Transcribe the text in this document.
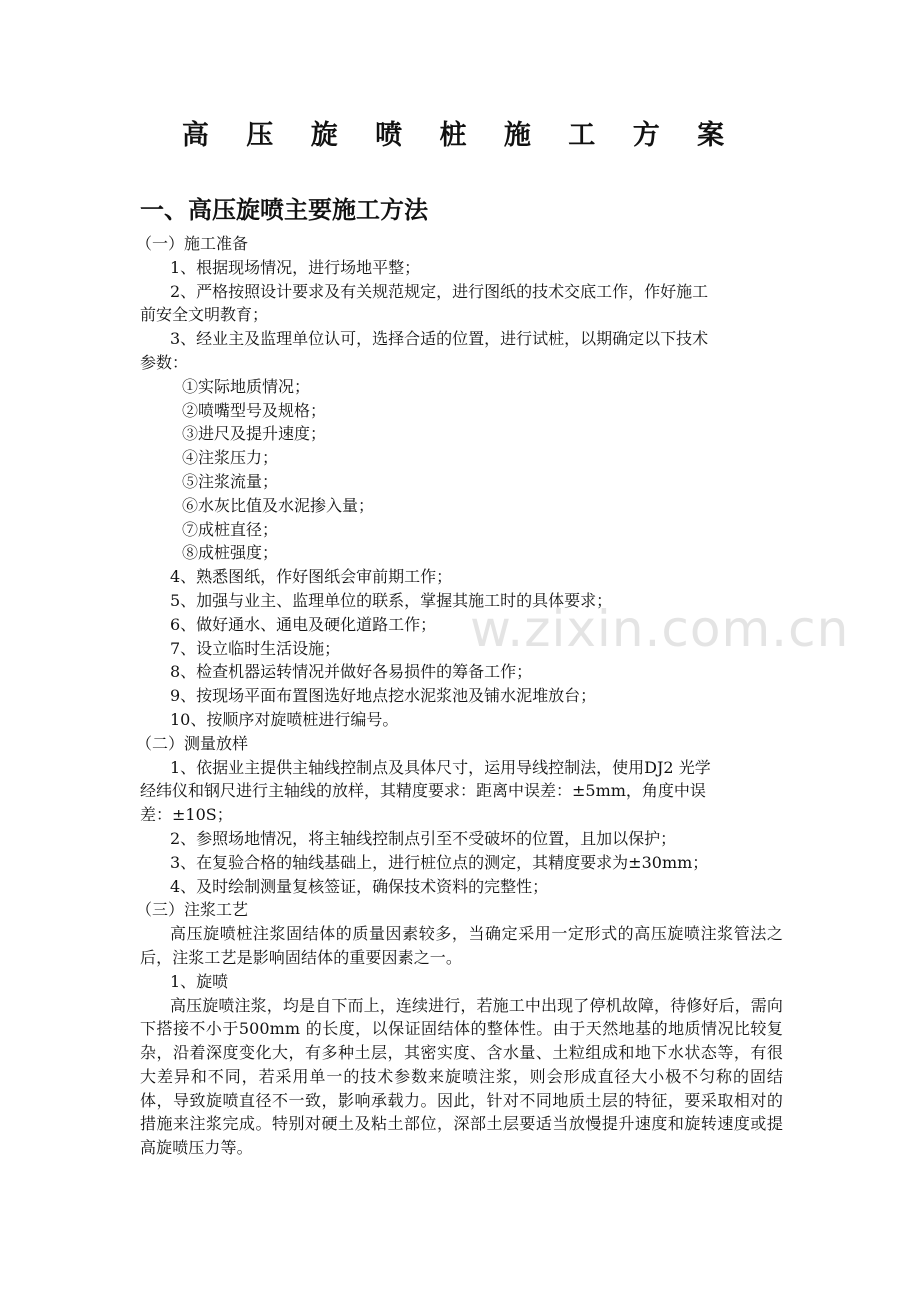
w.zixin.com.cn
高 压 旋 喷 桩 施 工 方 案
一、高压旋喷主要施工方法
（一）施工准备
1、根据现场情况，进行场地平整；
2、严格按照设计要求及有关规范规定，进行图纸的技术交底工作，作好施工
前安全文明教育；
3、经业主及监理单位认可，选择合适的位置，进行试桩，以期确定以下技术
参数：
①实际地质情况；
②喷嘴型号及规格；
③进尺及提升速度；
④注浆压力；
⑤注浆流量；
⑥水灰比值及水泥掺入量；
⑦成桩直径；
⑧成桩强度；
4、熟悉图纸，作好图纸会审前期工作；
5、加强与业主、监理单位的联系，掌握其施工时的具体要求；
6、做好通水、通电及硬化道路工作；
7、设立临时生活设施；
8、检查机器运转情况并做好各易损件的筹备工作；
9、按现场平面布置图选好地点挖水泥浆池及铺水泥堆放台；
10、按顺序对旋喷桩进行编号。
（二）测量放样
1、依据业主提供主轴线控制点及具体尺寸，运用导线控制法，使用DJ2 光学
经纬仪和钢尺进行主轴线的放样，其精度要求：距离中误差：±5mm，角度中误
差：±10S；
2、参照场地情况，将主轴线控制点引至不受破坏的位置，且加以保护；
3、在复验合格的轴线基础上，进行桩位点的测定，其精度要求为±30mm；
4、及时绘制测量复核签证，确保技术资料的完整性；
（三）注浆工艺
高压旋喷桩注浆固结体的质量因素较多，当确定采用一定形式的高压旋喷注浆管法之后，注浆工艺是影响固结体的重要因素之一。
1、旋喷
高压旋喷注浆，均是自下而上，连续进行，若施工中出现了停机故障，待修好后，需向下搭接不小于500mm 的长度，以保证固结体的整体性。由于天然地基的地质情况比较复杂，沿着深度变化大，有多种土层，其密实度、含水量、土粒组成和地下水状态等，有很大差异和不同，若采用单一的技术参数来旋喷注浆，则会形成直径大小极不匀称的固结体，导致旋喷直径不一致，影响承载力。因此，针对不同地质土层的特征，要采取相对的措施来注浆完成。特别对硬土及粘土部位，深部土层要适当放慢提升速度和旋转速度或提高旋喷压力等。
